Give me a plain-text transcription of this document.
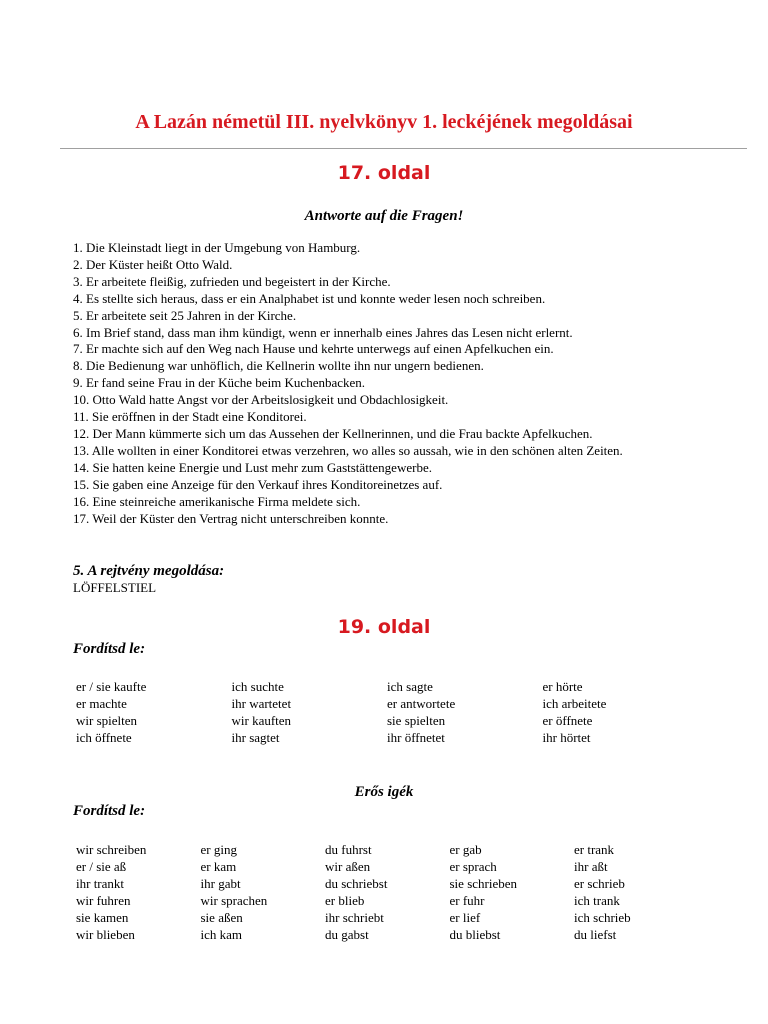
A Lazán németül III. nyelvkönyv 1. leckéjének megoldásai
17. oldal
Antworte auf die Fragen!
1. Die Kleinstadt liegt in der Umgebung von Hamburg.
2. Der Küster heißt Otto Wald.
3. Er arbeitete fleißig, zufrieden und begeistert in der Kirche.
4. Es stellte sich heraus, dass er ein Analphabet ist und konnte weder lesen noch schreiben.
5. Er arbeitete seit 25 Jahren in der Kirche.
6. Im Brief stand, dass man ihm kündigt, wenn er innerhalb eines Jahres das Lesen nicht erlernt.
7. Er machte sich auf den Weg nach Hause und kehrte unterwegs auf einen Apfelkuchen ein.
8. Die Bedienung war unhöflich, die Kellnerin wollte ihn nur ungern bedienen.
9. Er fand seine Frau in der Küche beim Kuchenbacken.
10. Otto Wald hatte Angst vor der Arbeitslosigkeit und Obdachlosigkeit.
11. Sie eröffnen in der Stadt eine Konditorei.
12. Der Mann kümmerte sich um das Aussehen der Kellnerinnen, und die Frau backte Apfelkuchen.
13. Alle wollten in einer Konditorei etwas verzehren, wo alles so aussah, wie in den schönen alten Zeiten.
14. Sie hatten keine Energie und Lust mehr zum Gaststättengewerbe.
15. Sie gaben eine Anzeige für den Verkauf ihres Konditoreinetzes auf.
16. Eine steinreiche amerikanische Firma meldete sich.
17. Weil der Küster den Vertrag nicht unterschreiben konnte.
5. A rejtvény megoldása:

LÖFFELSTIEL

19. oldal
Fordítsd le:
er / sie kaufte	ich suchte	ich sagte	er hörte
er machte	ihr wartetet	er antwortete	ich arbeitete
wir spielten	wir kauften	sie spielten	er öffnete
ich öffnete	ihr sagtet	ihr öffnetet	ihr hörtet
Erős igék
Fordítsd le:
wir schreiben	er ging	du fuhrst	er gab	er trank
er / sie aß	er kam	wir aßen	er sprach	ihr aßt
ihr trankt	ihr gabt	du schriebst	sie schrieben	er schrieb
wir fuhren	wir sprachen	er blieb	er fuhr	ich trank
sie kamen	sie aßen	ihr schriebt	er lief	ich schrieb
wir blieben	ich kam	du gabst	du bliebst	du liefst
